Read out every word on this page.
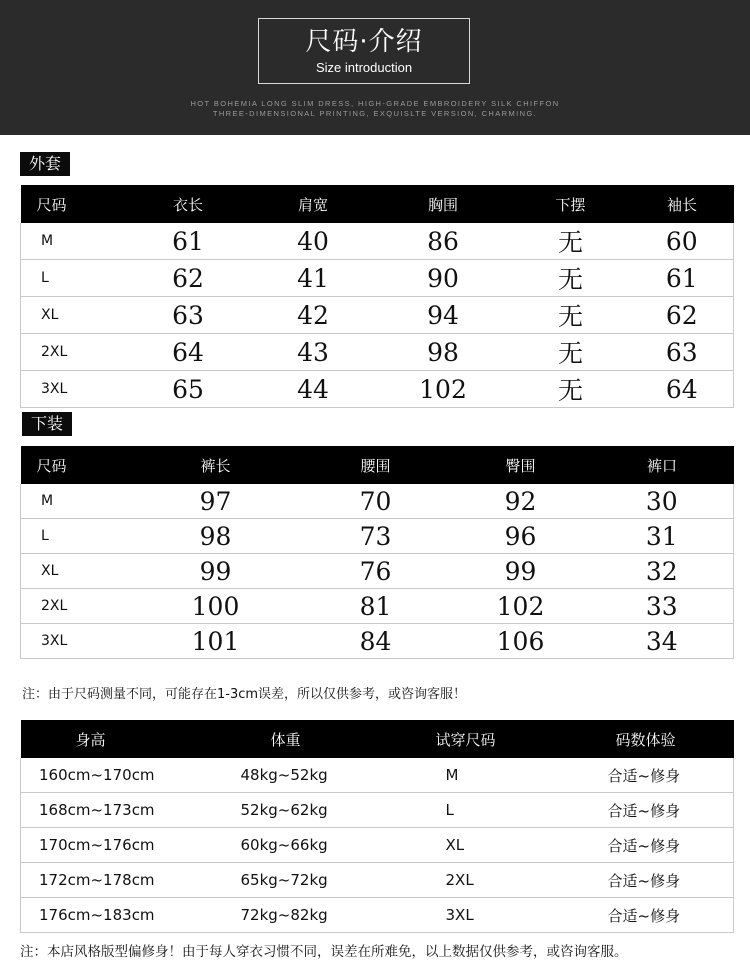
尺码·介绍
Size introduction
HOT BOHEMIA LONG SLIM DRESS, HIGH-GRADE EMBROIDERY SILK CHIFFON
THREE-DIMENSIONAL PRINTING, EXQUISLTE VERSION, CHARMING.
外套
尺码	衣长	肩宽	胸围	下摆	袖长
M	61	40	86	无	60
L	62	41	90	无	61
XL	63	42	94	无	62
2XL	64	43	98	无	63
3XL	65	44	102	无	64
下装
尺码	裤长	腰围	臀围	裤口
M	97	70	92	30
L	98	73	96	31
XL	99	76	99	32
2XL	100	81	102	33
3XL	101	84	106	34
注：由于尺码测量不同，可能存在1-3cm误差，所以仅供参考，或咨询客服！
身高	体重	试穿尺码	码数体验
160cm~170cm	48kg~52kg	M	合适~修身
168cm~173cm	52kg~62kg	L	合适~修身
170cm~176cm	60kg~66kg	XL	合适~修身
172cm~178cm	65kg~72kg	2XL	合适~修身
176cm~183cm	72kg~82kg	3XL	合适~修身
注：本店风格版型偏修身！由于每人穿衣习惯不同，误差在所难免，以上数据仅供参考，或咨询客服。
